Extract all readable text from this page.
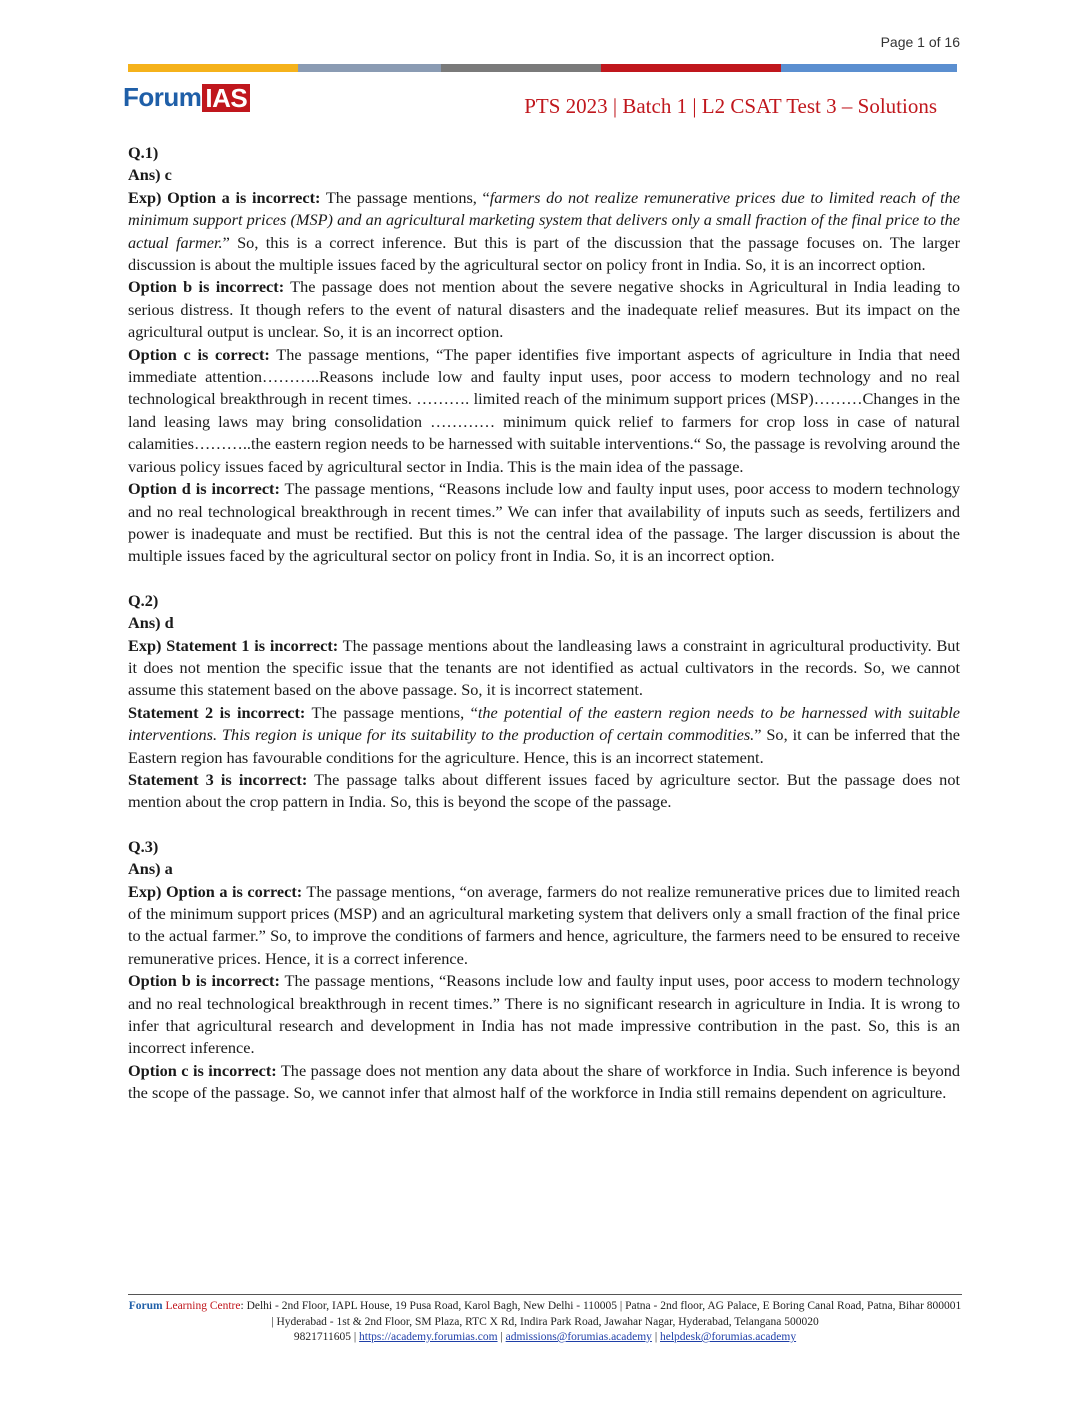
Page 1 of 16
Forum IAS	PTS 2023 | Batch 1 | L2 CSAT Test 3 – Solutions

Q.1)

Ans) c

Exp) Option a is incorrect: The passage mentions, “farmers do not realize remunerative prices due to limited reach of the minimum support prices (MSP) and an agricultural marketing system that delivers only a small fraction of the final price to the actual farmer.” So, this is a correct inference. But this is part of the discussion that the passage focuses on. The larger discussion is about the multiple issues faced by the agricultural sector on policy front in India. So, it is an incorrect option.

Option b is incorrect: The passage does not mention about the severe negative shocks in Agricultural in India leading to serious distress. It though refers to the event of natural disasters and the inadequate relief measures. But its impact on the agricultural output is unclear. So, it is an incorrect option.

Option c is correct: The passage mentions, “The paper identifies five important aspects of agriculture in India that need immediate attention………..Reasons include low and faulty input uses, poor access to modern technology and no real technological breakthrough in recent times. ………. limited reach of the minimum support prices (MSP)………Changes in the land leasing laws may bring consolidation ………… minimum quick relief to farmers for crop loss in case of natural calamities………..the eastern region needs to be harnessed with suitable interventions.“ So, the passage is revolving around the various policy issues faced by agricultural sector in India. This is the main idea of the passage.

Option d is incorrect: The passage mentions, “Reasons include low and faulty input uses, poor access to modern technology and no real technological breakthrough in recent times.” We can infer that availability of inputs such as seeds, fertilizers and power is inadequate and must be rectified. But this is not the central idea of the passage. The larger discussion is about the multiple issues faced by the agricultural sector on policy front in India. So, it is an incorrect option.

Q.2)

Ans) d

Exp) Statement 1 is incorrect: The passage mentions about the landleasing laws a constraint in agricultural productivity. But it does not mention the specific issue that the tenants are not identified as actual cultivators in the records. So, we cannot assume this statement based on the above passage. So, it is incorrect statement.

Statement 2 is incorrect: The passage mentions, “the potential of the eastern region needs to be harnessed with suitable interventions. This region is unique for its suitability to the production of certain commodities.” So, it can be inferred that the Eastern region has favourable conditions for the agriculture. Hence, this is an incorrect statement.

Statement 3 is incorrect: The passage talks about different issues faced by agriculture sector. But the passage does not mention about the crop pattern in India. So, this is beyond the scope of the passage.

Q.3)

Ans) a

Exp) Option a is correct: The passage mentions, “on average, farmers do not realize remunerative prices due to limited reach of the minimum support prices (MSP) and an agricultural marketing system that delivers only a small fraction of the final price to the actual farmer.” So, to improve the conditions of farmers and hence, agriculture, the farmers need to be ensured to receive remunerative prices. Hence, it is a correct inference.

Option b is incorrect: The passage mentions, “Reasons include low and faulty input uses, poor access to modern technology and no real technological breakthrough in recent times.” There is no significant research in agriculture in India. It is wrong to infer that agricultural research and development in India has not made impressive contribution in the past. So, this is an incorrect inference.

Option c is incorrect: The passage does not mention any data about the share of workforce in India. Such inference is beyond the scope of the passage. So, we cannot infer that almost half of the workforce in India still remains dependent on agriculture.

Forum Learning Centre: Delhi - 2nd Floor, IAPL House, 19 Pusa Road, Karol Bagh, New Delhi - 110005 | Patna - 2nd floor, AG Palace, E Boring Canal Road, Patna, Bihar 800001 | Hyderabad - 1st & 2nd Floor, SM Plaza, RTC X Rd, Indira Park Road, Jawahar Nagar, Hyderabad, Telangana 500020
9821711605 | https://academy.forumias.com | admissions@forumias.academy | helpdesk@forumias.academy
